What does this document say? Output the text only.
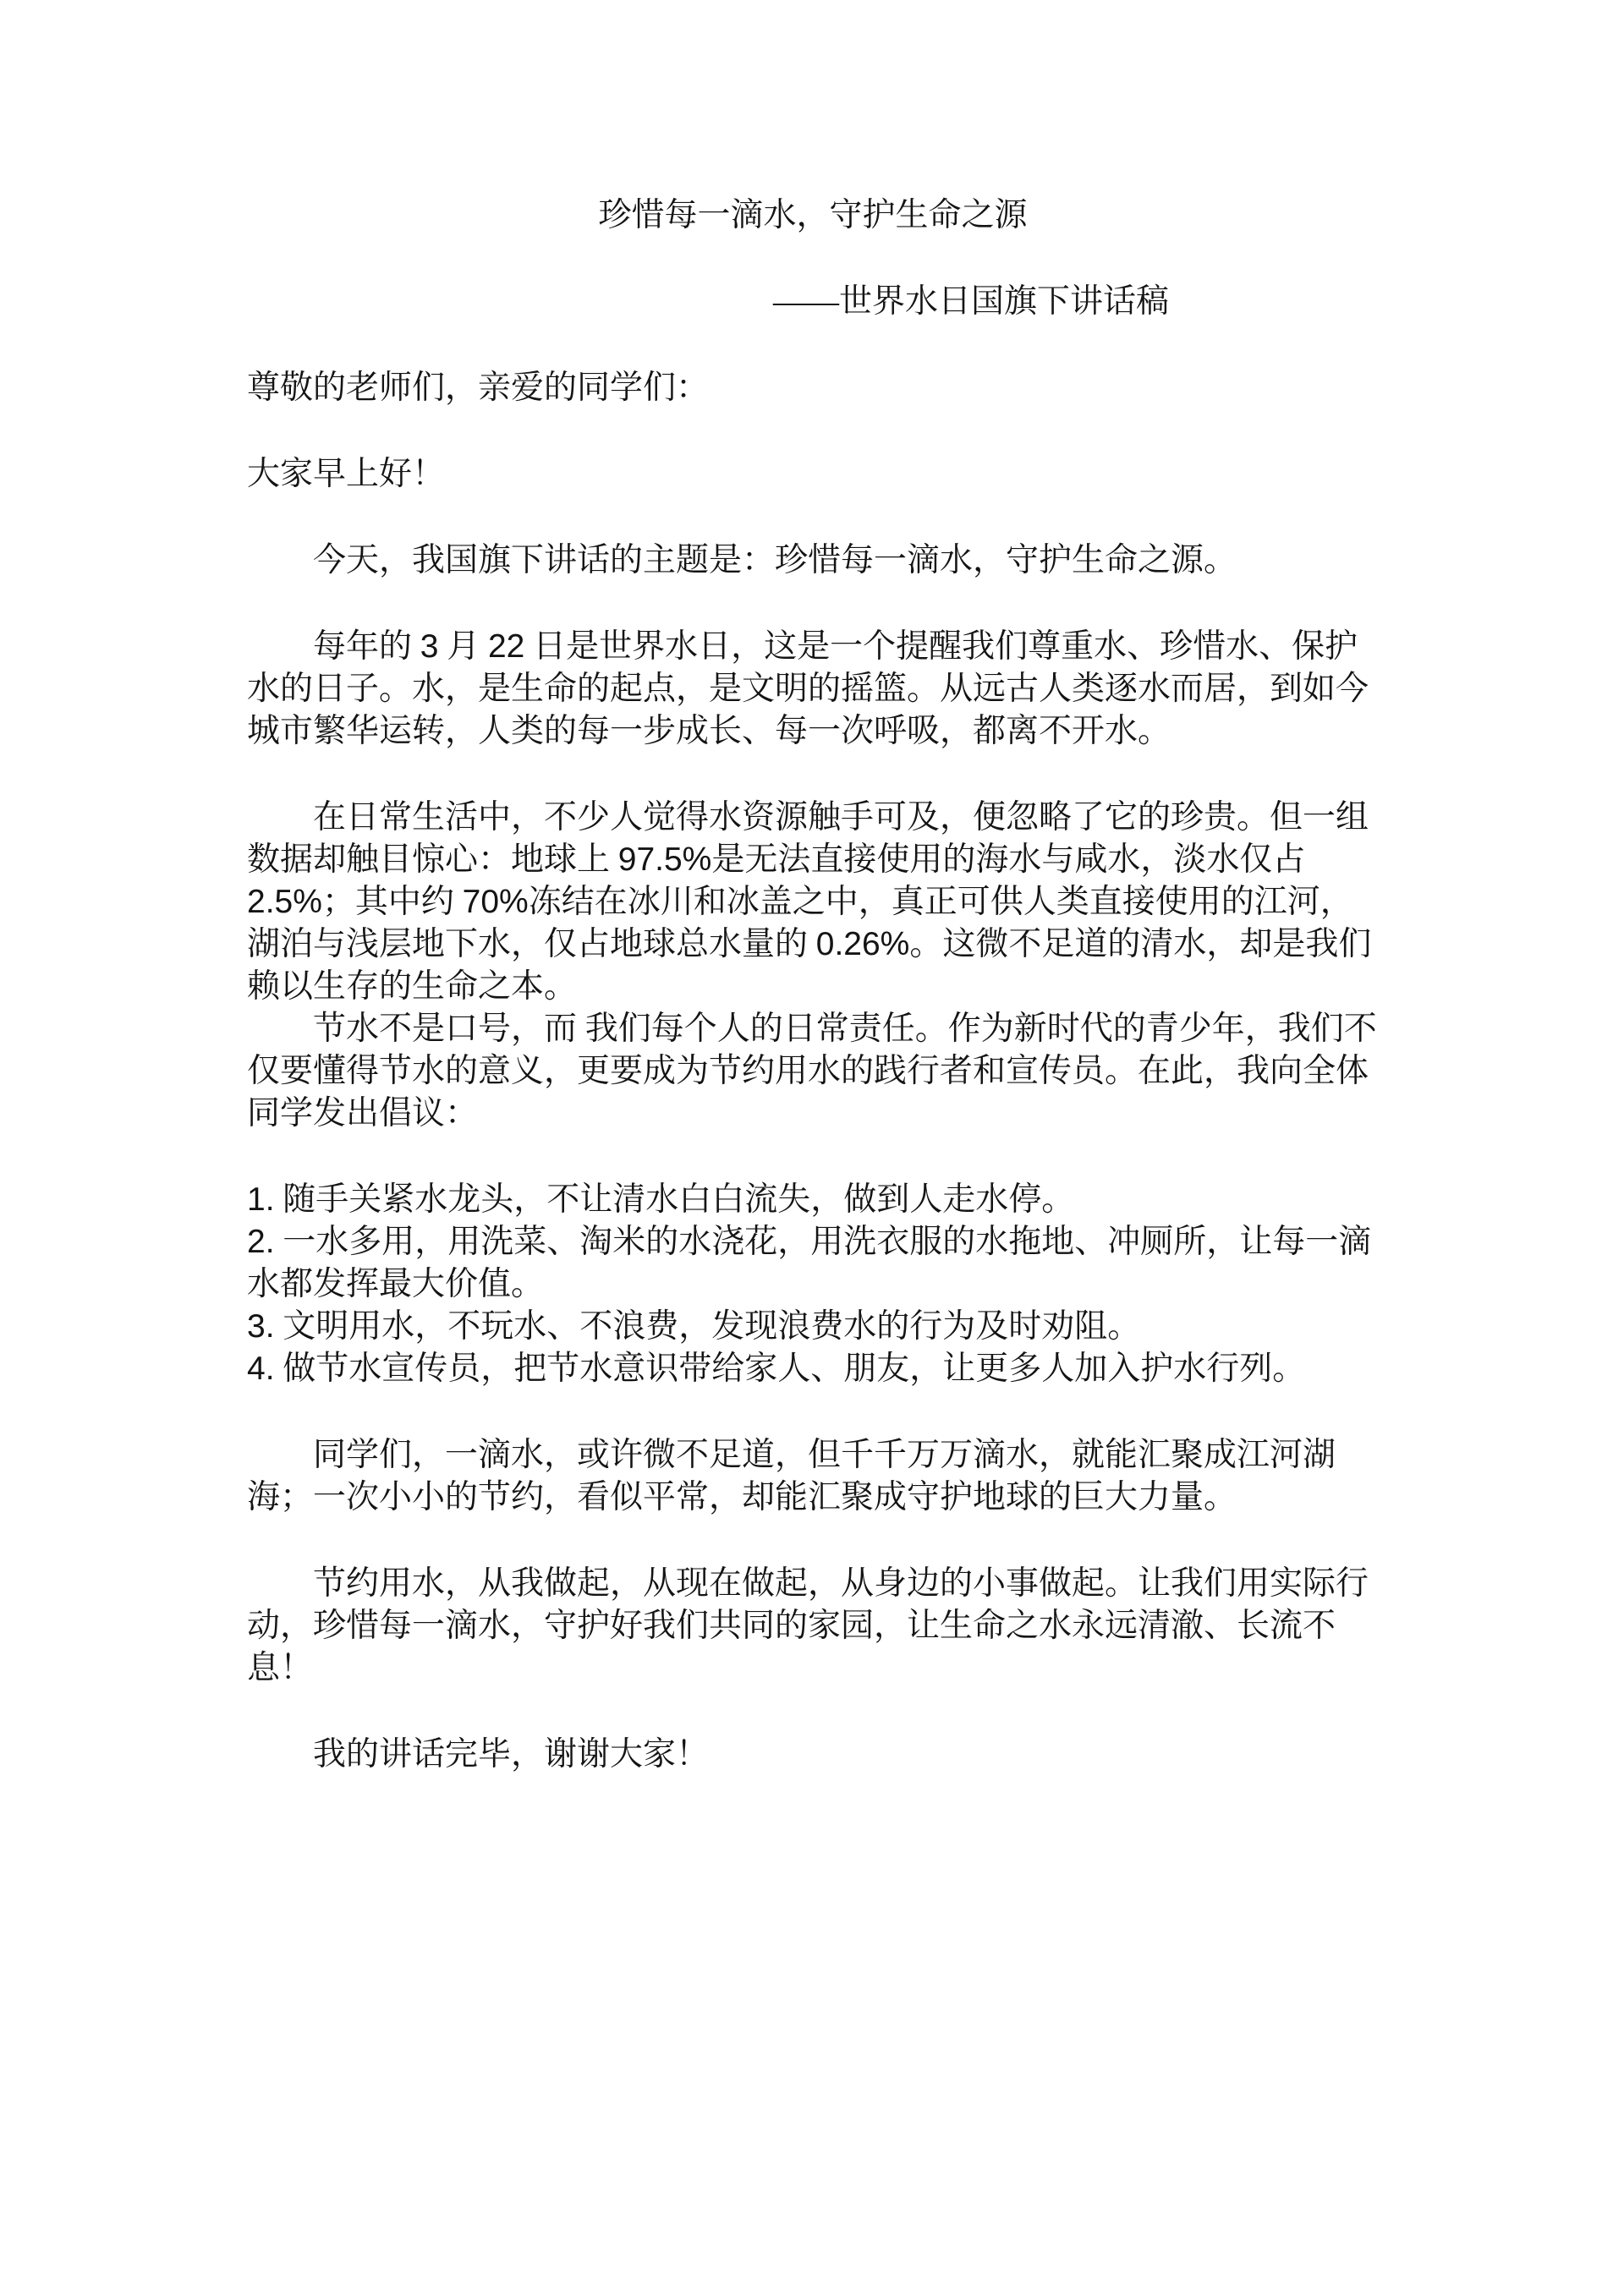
珍惜每一滴水，守护生命之源

——世界水日国旗下讲话稿

尊敬的老师们，亲爱的同学们：

大家早上好！

今天，我国旗下讲话的主题是：珍惜每一滴水，守护生命之源。

每年的 3 月 22 日是世界水日，这是一个提醒我们尊重水、珍惜水、保护水的日子。水，是生命的起点，是文明的摇篮。从远古人类逐水而居，到如今城市繁华运转，人类的每一步成长、每一次呼吸，都离不开水。

在日常生活中，不少人觉得水资源触手可及，便忽略了它的珍贵。但一组数据却触目惊心：地球上 97.5%是无法直接使用的海水与咸水，淡水仅占 2.5%；其中约 70%冻结在冰川和冰盖之中，真正可供人类直接使用的江河，湖泊与浅层地下水，仅占地球总水量的 0.26%。这微不足道的清水，却是我们赖以生存的生命之本。

节水不是口号，而 我们每个人的日常责任。作为新时代的青少年，我们不仅要懂得节水的意义，更要成为节约用水的践行者和宣传员。在此，我向全体同学发出倡议：

1. 随手关紧水龙头，不让清水白白流失，做到人走水停。

2. 一水多用，用洗菜、淘米的水浇花，用洗衣服的水拖地、冲厕所，让每一滴水都发挥最大价值。

3. 文明用水，不玩水、不浪费，发现浪费水的行为及时劝阻。

4. 做节水宣传员，把节水意识带给家人、朋友，让更多人加入护水行列。

同学们，一滴水，或许微不足道，但千千万万滴水，就能汇聚成江河湖海；一次小小的节约，看似平常，却能汇聚成守护地球的巨大力量。

节约用水，从我做起，从现在做起，从身边的小事做起。让我们用实际行动，珍惜每一滴水，守护好我们共同的家园，让生命之水永远清澈、长流不息！

我的讲话完毕，谢谢大家！
